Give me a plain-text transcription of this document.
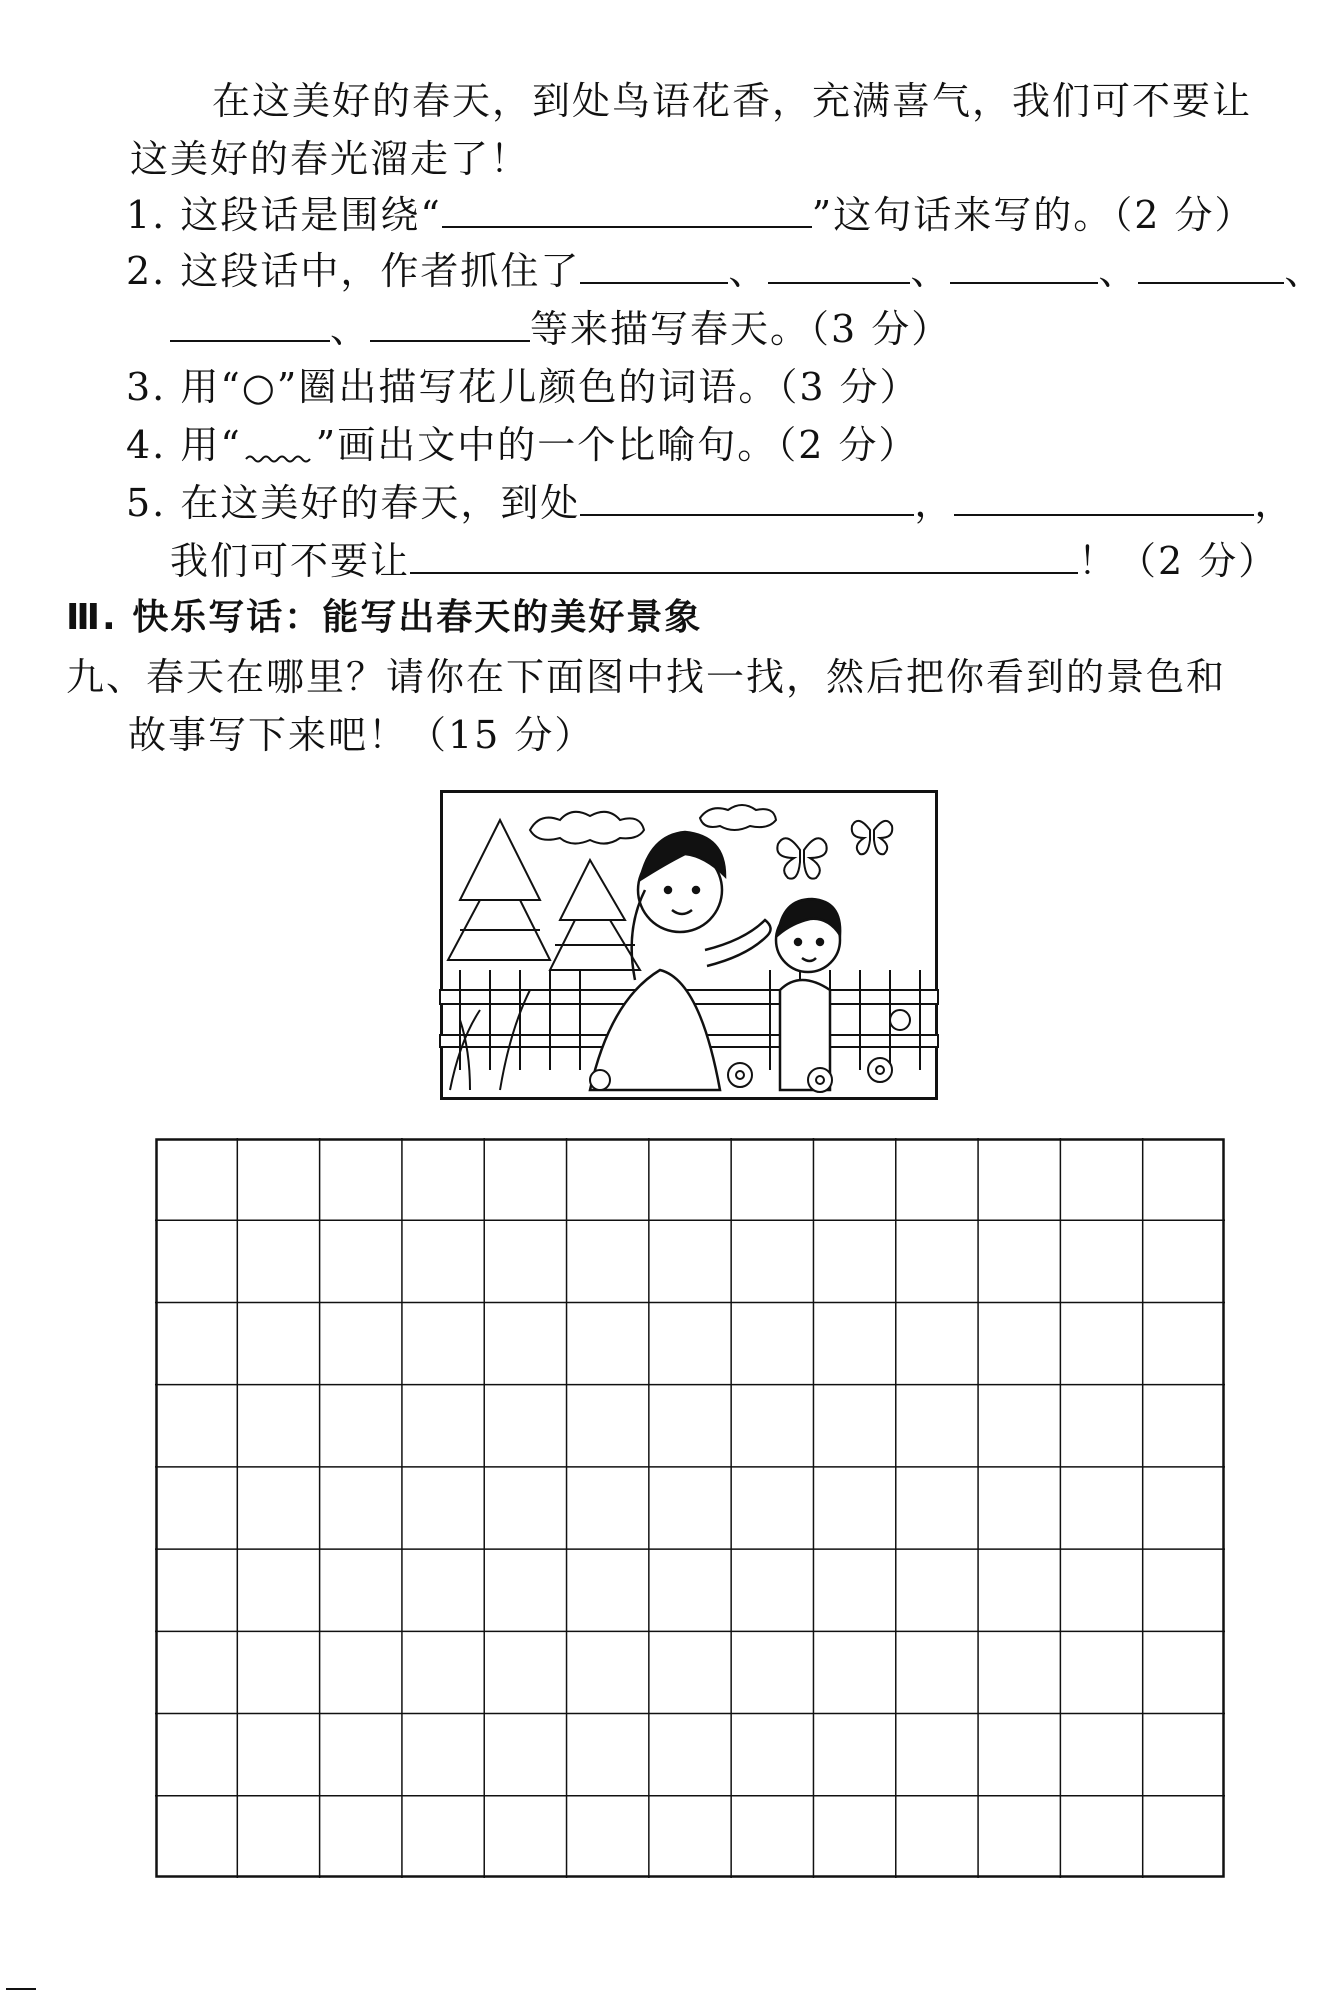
在这美好的春天，到处鸟语花香，充满喜气，我们可不要让
这美好的春光溜走了！
1. 这段话是围绕“	”这句话来写的。（2 分）
2. 这段话中，作者抓住了	、	、	、	、
、	等来描写春天。（3 分）
3. 用“○”圈出描写花儿颜色的词语。（3 分）
4. 用“ ”画出文中的一个比喻句。（2 分）
5. 在这美好的春天，到处	，	，
我们可不要让	！（2 分）
Ⅲ. 快乐写话：能写出春天的美好景象
九、春天在哪里？请你在下面图中找一找，然后把你看到的景色和
故事写下来吧！（15 分）
